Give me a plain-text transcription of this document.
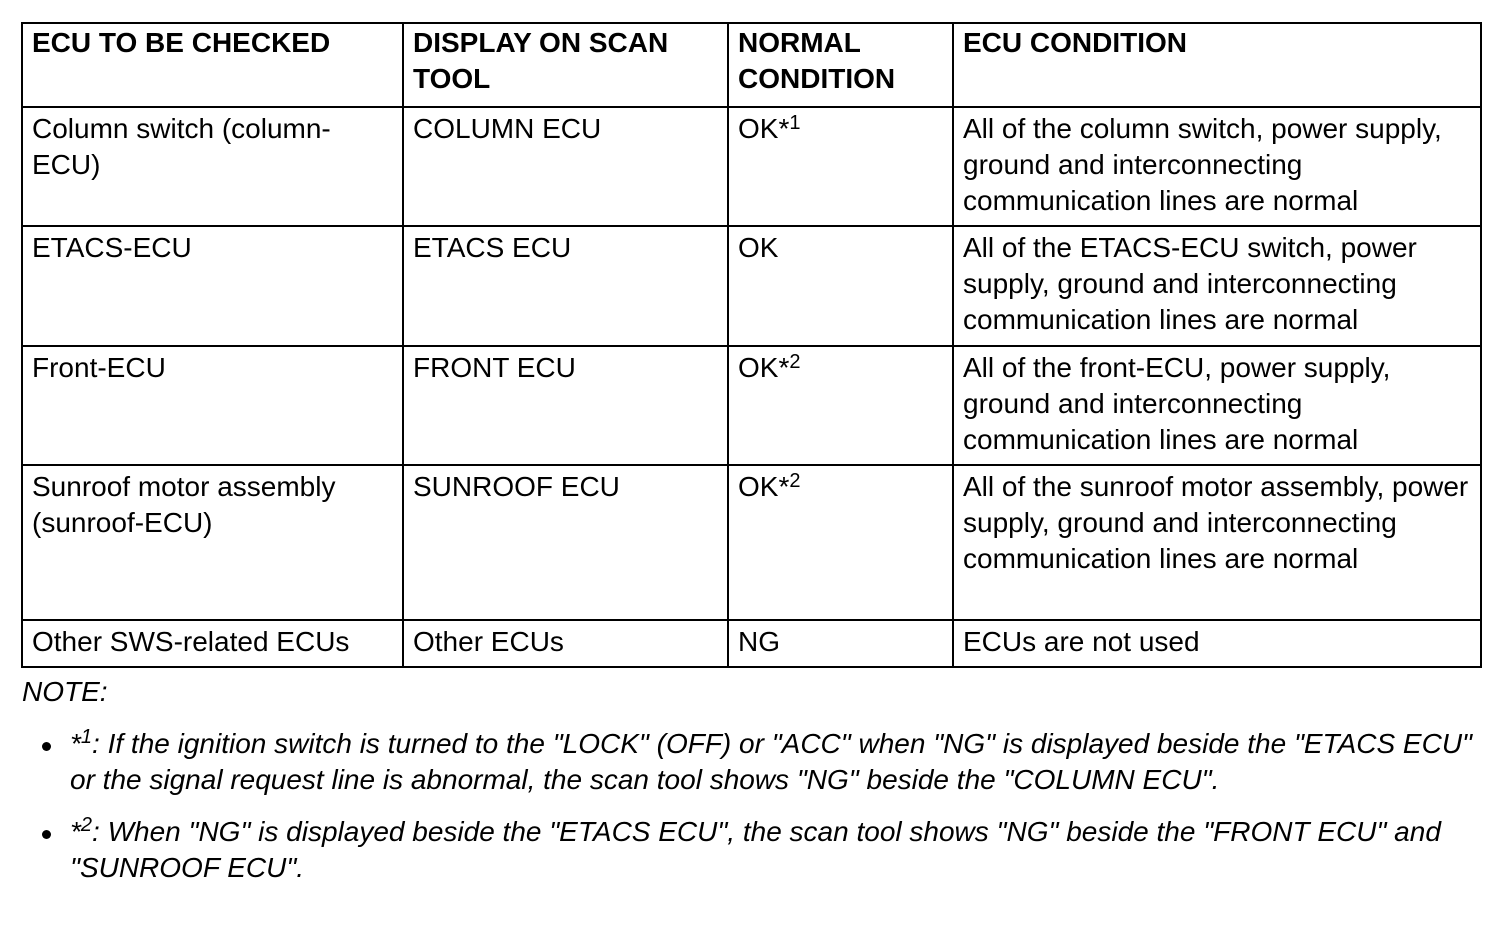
ECU TO BE CHECKED	DISPLAY ON SCAN TOOL	NORMAL CONDITION	ECU CONDITION
Column switch (column-ECU)	COLUMN ECU	OK*$^1$	All of the column switch, power supply, ground and interconnecting communication lines are normal
ETACS-ECU	ETACS ECU	OK	All of the ETACS-ECU switch, power supply, ground and interconnecting communication lines are normal
Front-ECU	FRONT ECU	OK*$^2$	All of the front-ECU, power supply, ground and interconnecting communication lines are normal
Sunroof motor assembly (sunroof-ECU)	SUNROOF ECU	OK*$^2$	All of the sunroof motor assembly, power supply, ground and interconnecting communication lines are normal
Other SWS-related ECUs	Other ECUs	NG	ECUs are not used

NOTE:

*$^1$: If the ignition switch is turned to the "LOCK" (OFF) or "ACC" when "NG" is displayed beside the "ETACS ECU" or the signal request line is abnormal, the scan tool shows "NG" beside the "COLUMN ECU".
*$^2$: When "NG" is displayed beside the "ETACS ECU", the scan tool shows "NG" beside the "FRONT ECU" and "SUNROOF ECU".
